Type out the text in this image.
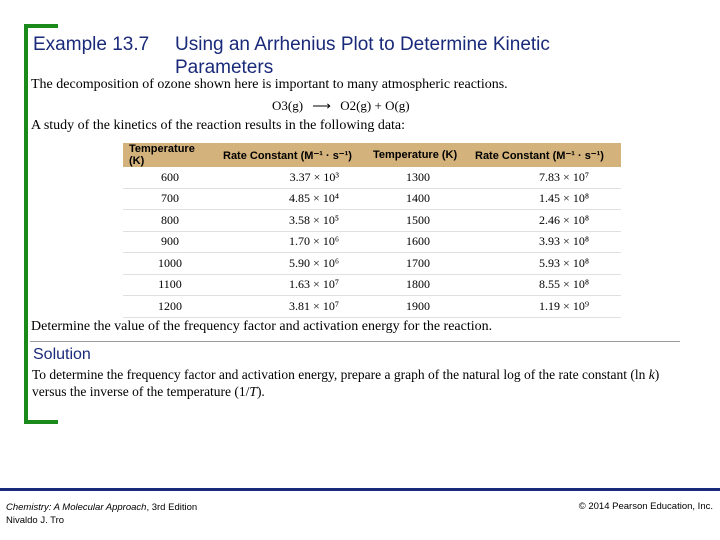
Example 13.7 Using an Arrhenius Plot to Determine Kinetic Parameters
The decomposition of ozone shown here is important to many atmospheric reactions.
O3(g) ⟶ O2(g) + O(g)
A study of the kinetics of the reaction results in the following data:
Temperature (K)	Rate Constant (M⁻¹ · s⁻¹)	Temperature (K)	Rate Constant (M⁻¹ · s⁻¹)
600	3.37 × 10³	1300	7.83 × 10⁷
700	4.85 × 10⁴	1400	1.45 × 10⁸
800	3.58 × 10⁵	1500	2.46 × 10⁸
900	1.70 × 10⁶	1600	3.93 × 10⁸
1000	5.90 × 10⁶	1700	5.93 × 10⁸
1100	1.63 × 10⁷	1800	8.55 × 10⁸
1200	3.81 × 10⁷	1900	1.19 × 10⁹
Determine the value of the frequency factor and activation energy for the reaction.
Solution
To determine the frequency factor and activation energy, prepare a graph of the natural log of the rate constant (ln k) versus the inverse of the temperature (1/T).
Chemistry: A Molecular Approach, 3rd Edition
Nivaldo J. Tro
© 2014 Pearson Education, Inc.
